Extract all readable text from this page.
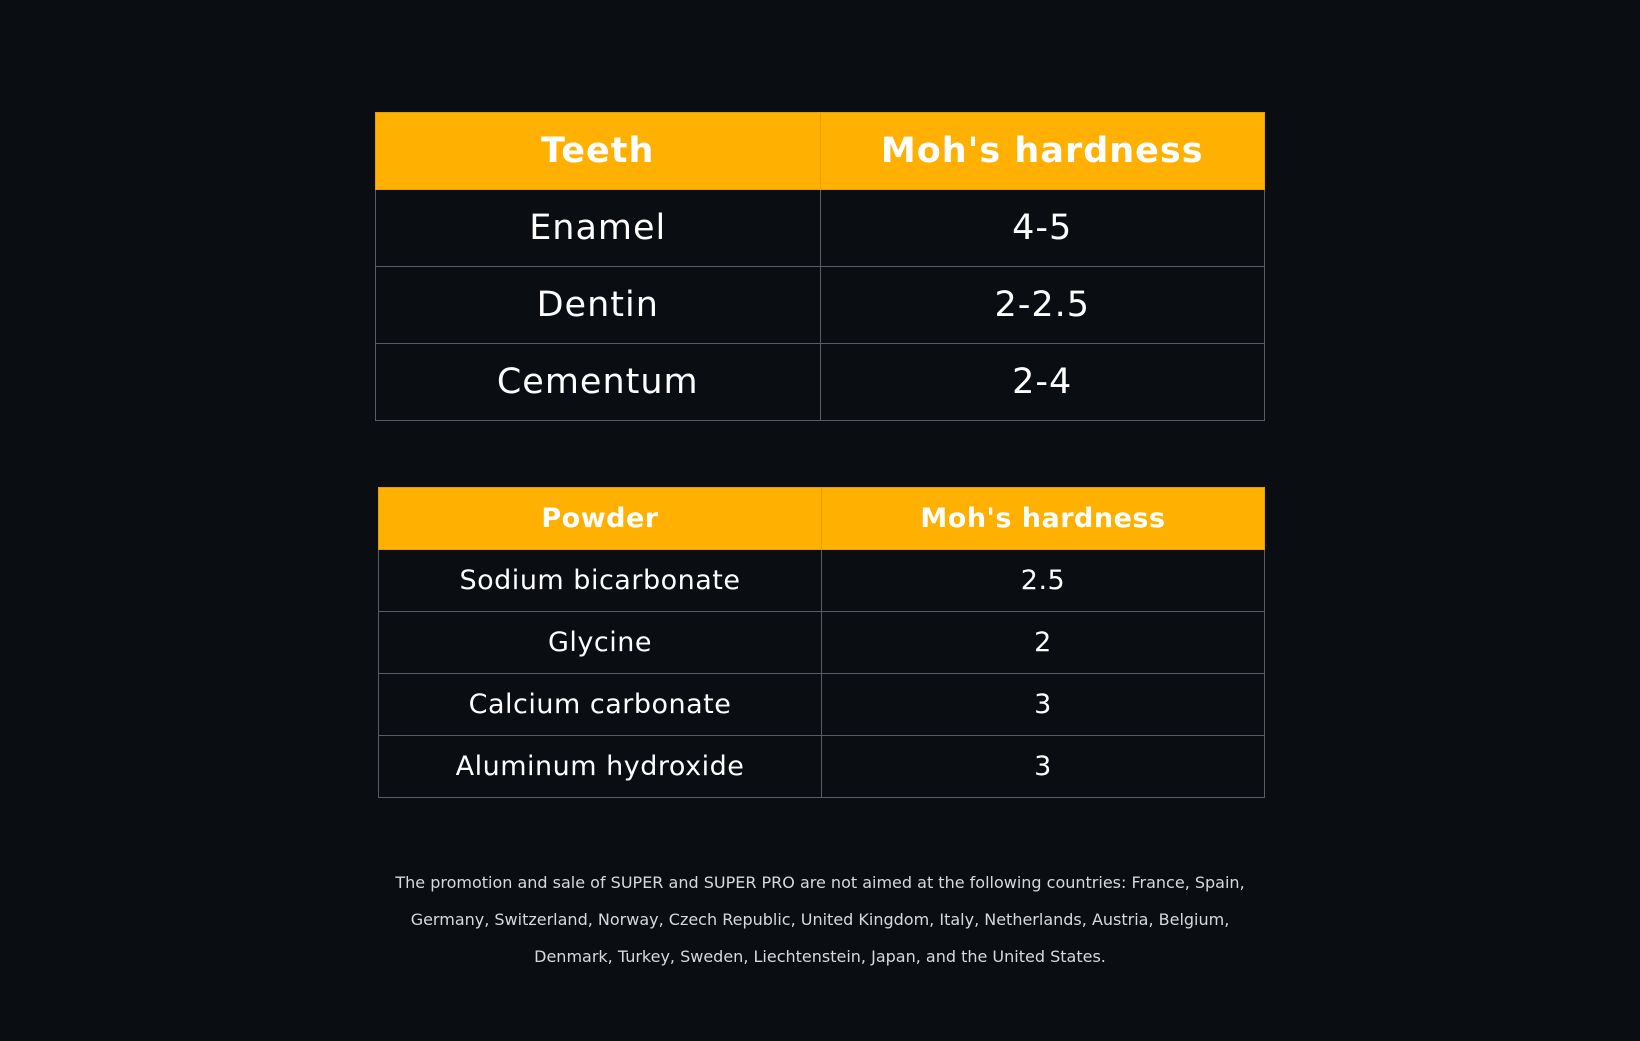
Teeth	Moh's hardness
Enamel	4-5
Dentin	2-2.5
Cementum	2-4
Powder	Moh's hardness
Sodium bicarbonate	2.5
Glycine	2
Calcium carbonate	3
Aluminum hydroxide	3
The promotion and sale of SUPER and SUPER PRO are not aimed at the following countries: France, Spain, Germany, Switzerland, Norway, Czech Republic, United Kingdom, Italy, Netherlands, Austria, Belgium, Denmark, Turkey, Sweden, Liechtenstein, Japan, and the United States.
